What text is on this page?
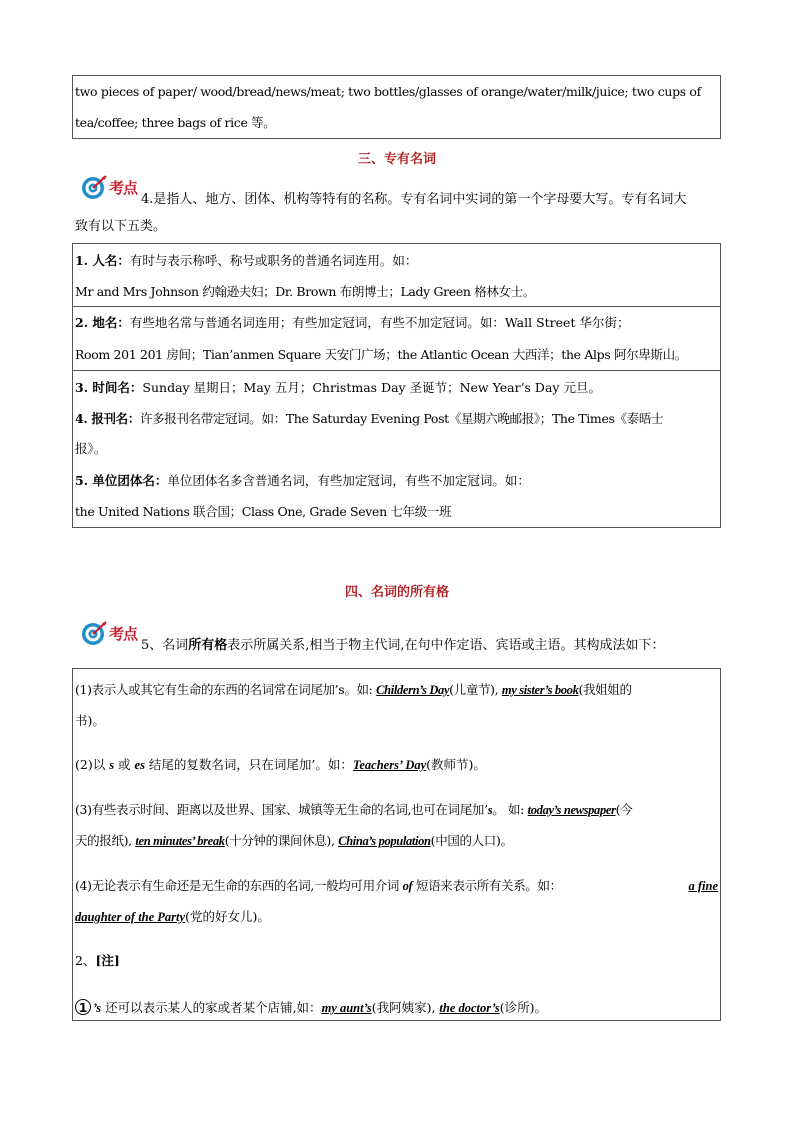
two pieces of paper/ wood/bread/news/meat; two bottles/glasses of orange/water/milk/juice; two cups of
tea/coffee; three bags of rice 等。
三、专有名词
考点
4.是指人、地方、团体、机构等特有的名称。专有名词中实词的第一个字母要大写。专有名词大
致有以下五类。
1. 人名：有时与表示称呼、称号或职务的普通名词连用。如：
Mr and Mrs Johnson 约翰逊夫妇；Dr. Brown 布朗博士；Lady Green 格林女士。
2. 地名：有些地名常与普通名词连用；有些加定冠词，有些不加定冠词。如：Wall Street 华尔街；
Room 201 201 房间；Tian’anmen Square 天安门广场；the Atlantic Ocean 大西洋；the Alps 阿尔卑斯山。
3. 时间名：Sunday 星期日；May 五月；Christmas Day 圣诞节；New Year’s Day 元旦。
4. 报刊名：许多报刊名带定冠词。如：The Saturday Evening Post《星期六晚邮报》；The Times《泰晤士
报》。
5. 单位团体名：单位团体名多含普通名词，有些加定冠词，有些不加定冠词。如：
the United Nations 联合国；Class One, Grade Seven 七年级一班
四、名词的所有格
考点
5、名词所有格表示所属关系,相当于物主代词,在句中作定语、宾语或主语。其构成法如下：
(1)表示人或其它有生命的东西的名词常在词尾加’s。如: Childern’s Day(儿童节), my sister’s book(我姐姐的
书)。
(2)以 s 或 es 结尾的复数名词，只在词尾加’。如：Teachers’ Day(教师节)。
(3)有些表示时间、距离以及世界、国家、城镇等无生命的名词,也可在词尾加’s。 如: today’s newspaper(今
天的报纸), ten minutes’ break(十分钟的课间休息), China’s population(中国的人口)。
(4)无论表示有生命还是无生命的东西的名词,一般均可用介词 of 短语来表示所有关系。如：	a fine
daughter of the Party(党的好女儿)。
2、[注]
1 ’s 还可以表示某人的家或者某个店铺,如：my aunt’s(我阿姨家), the doctor’s(诊所)。
